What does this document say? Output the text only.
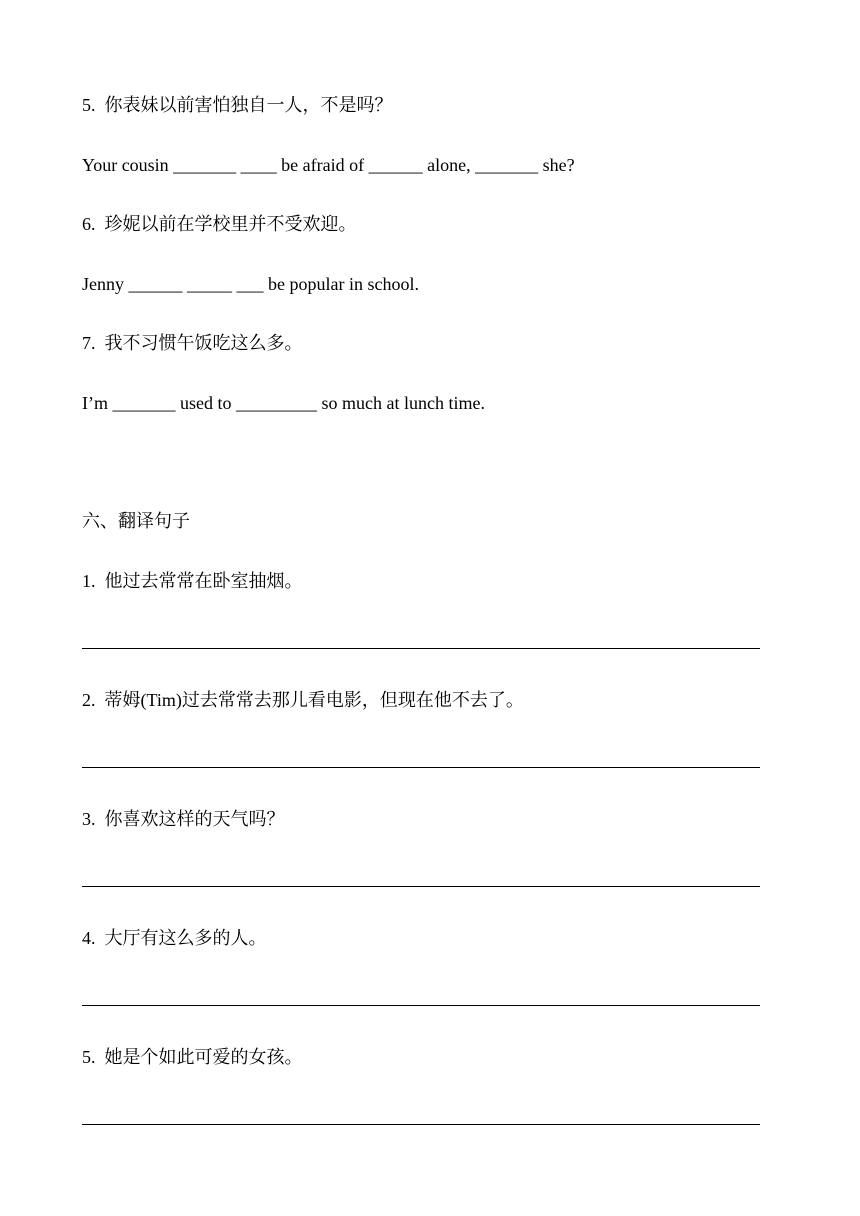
5.  你表妹以前害怕独自一人，不是吗？
Your cousin _______ ____ be afraid of ______ alone, _______ she?
6.  珍妮以前在学校里并不受欢迎。
Jenny ______ _____ ___ be popular in school.
7.  我不习惯午饭吃这么多。
I’m _______ used to _________ so much at lunch time.
六、翻译句子
1.  他过去常常在卧室抽烟。
2.  蒂姆(Tim)过去常常去那儿看电影，但现在他不去了。
3.  你喜欢这样的天气吗？
4.  大厅有这么多的人。
5.  她是个如此可爱的女孩。
